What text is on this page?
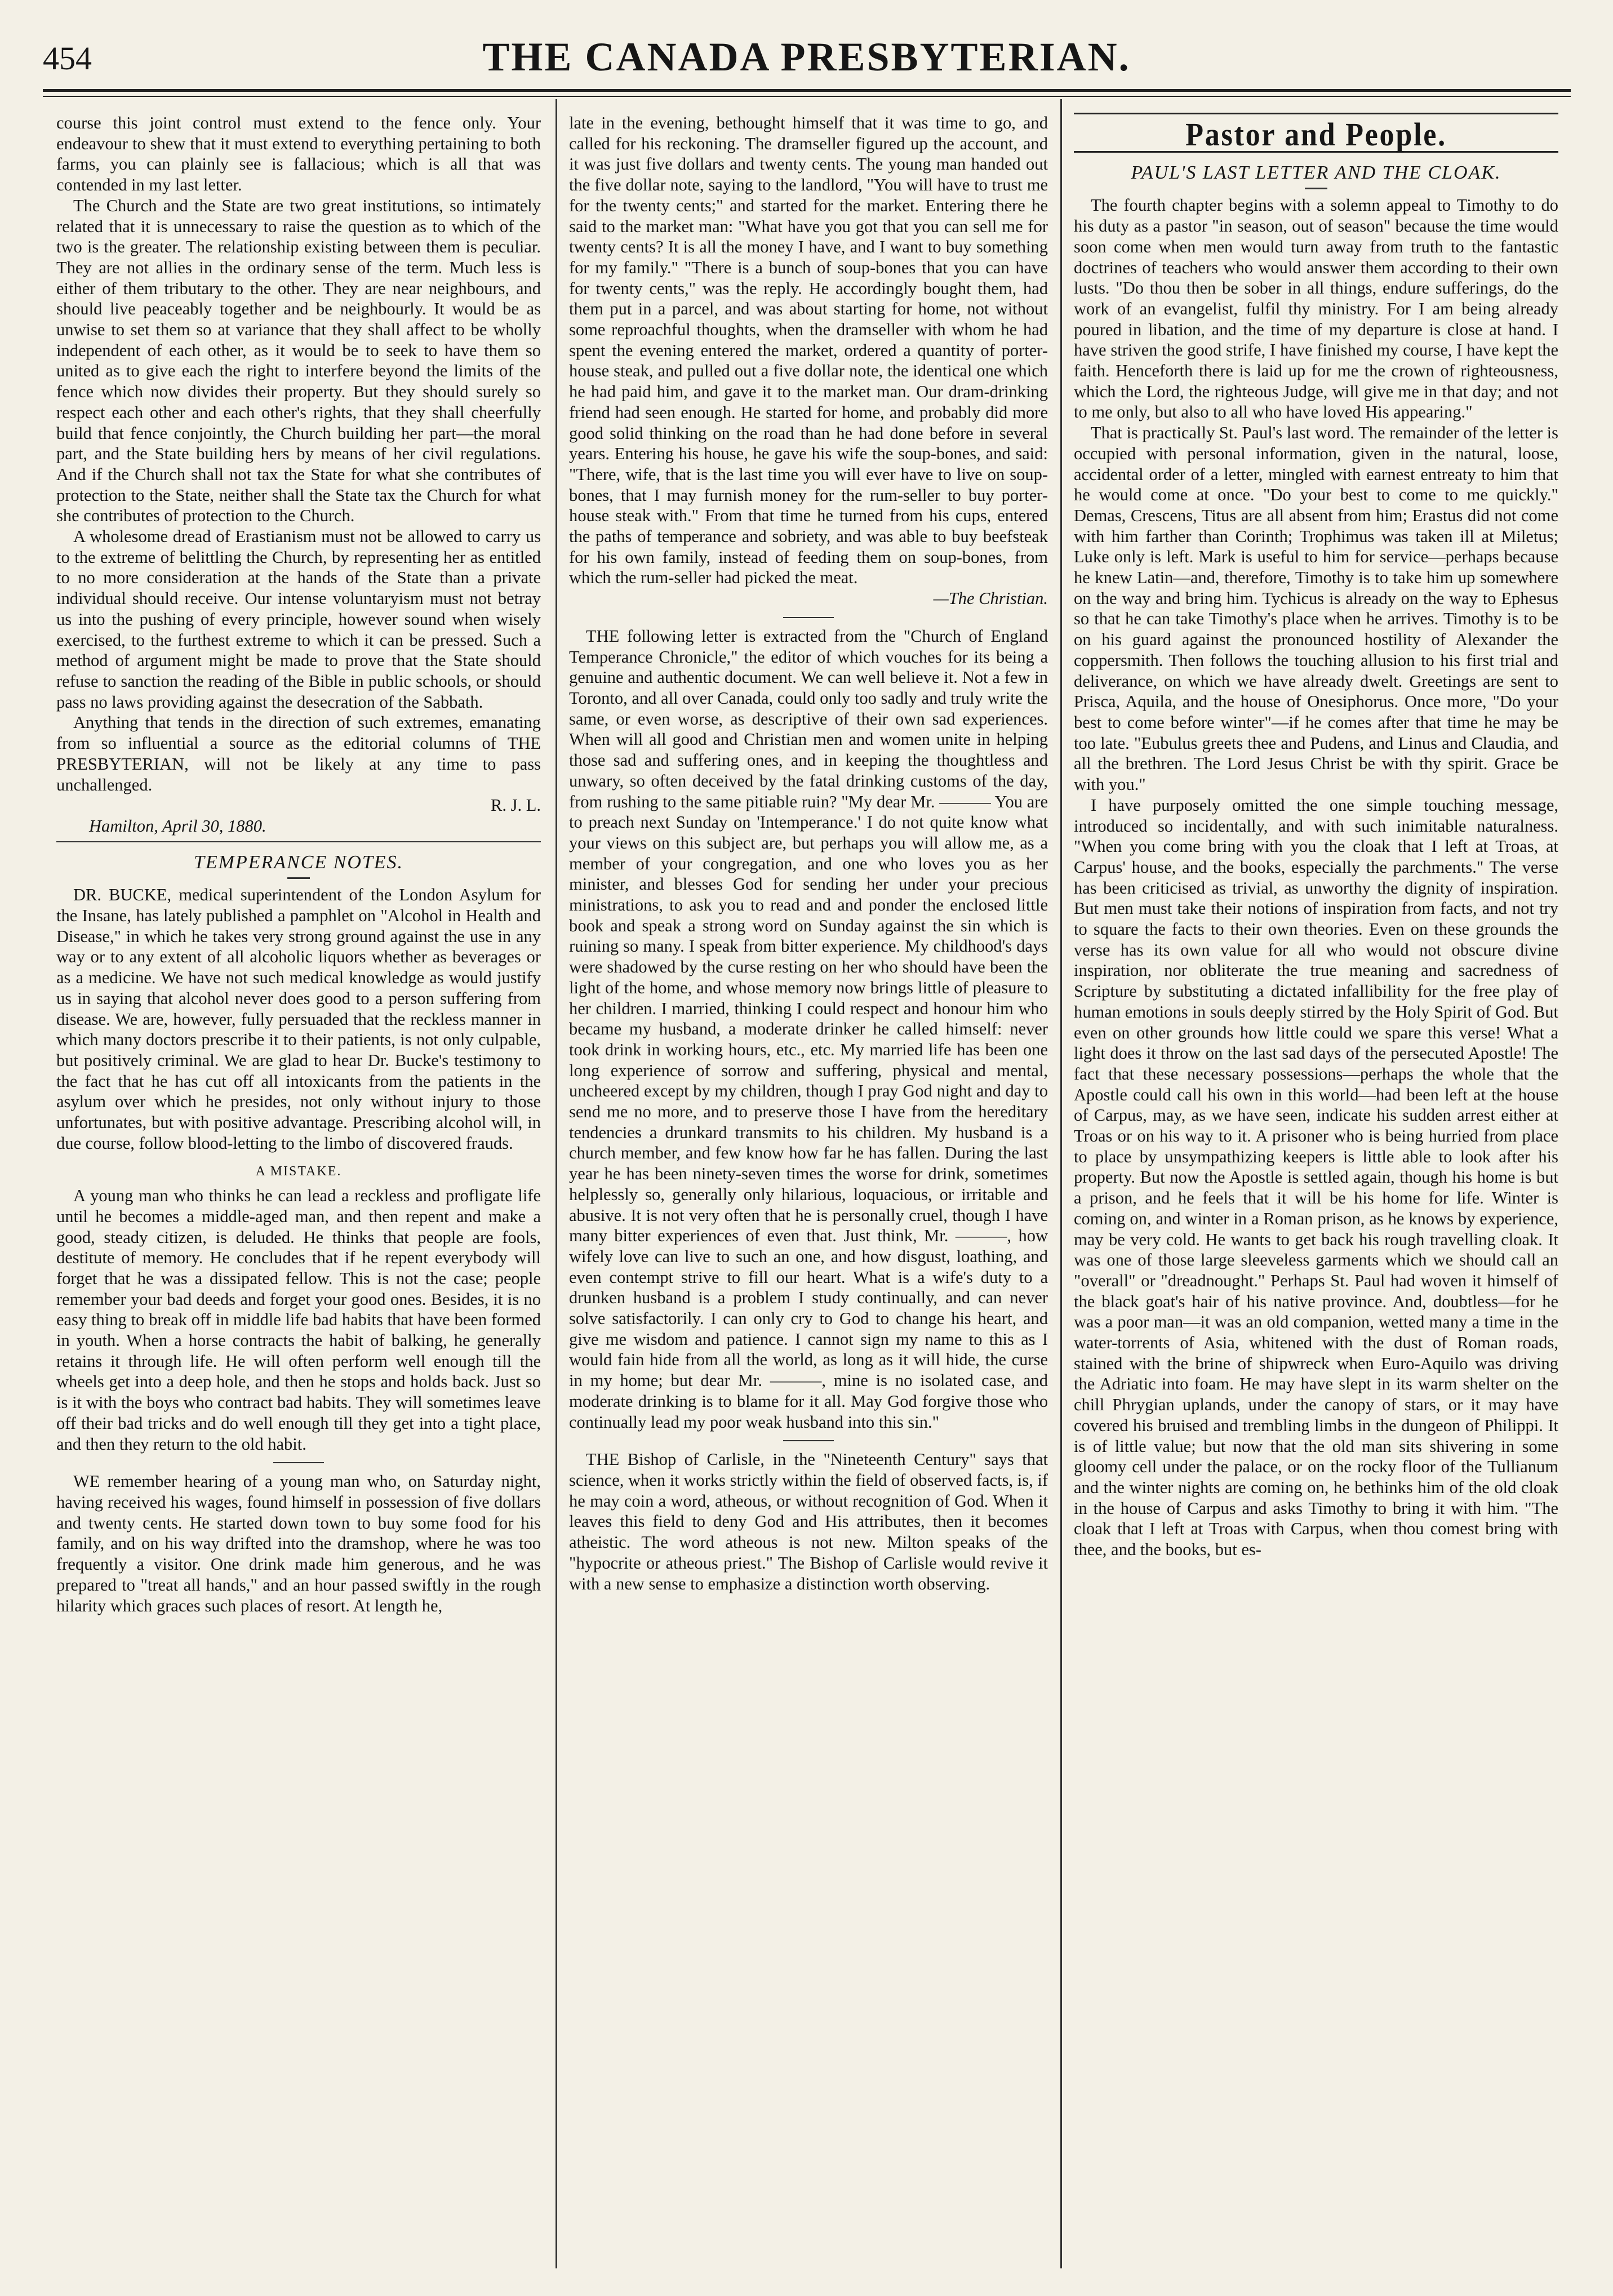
454	THE CANADA PRESBYTERIAN.

course this joint control must extend to the fence only. Your endeavour to shew that it must extend to everything pertaining to both farms, you can plainly see is fallacious; which is all that was contended in my last letter.

The Church and the State are two great institutions, so intimately related that it is unnecessary to raise the question as to which of the two is the greater. The relationship existing between them is peculiar. They are not allies in the ordinary sense of the term. Much less is either of them tributary to the other. They are near neighbours, and should live peaceably together and be neighbourly. It would be as unwise to set them so at variance that they shall affect to be wholly independent of each other, as it would be to seek to have them so united as to give each the right to interfere beyond the limits of the fence which now divides their property. But they should surely so respect each other and each other's rights, that they shall cheerfully build that fence conjointly, the Church building her part—the moral part, and the State building hers by means of her civil regulations. And if the Church shall not tax the State for what she contributes of protection to the State, neither shall the State tax the Church for what she contributes of protection to the Church.

A wholesome dread of Erastianism must not be allowed to carry us to the extreme of belittling the Church, by representing her as entitled to no more consideration at the hands of the State than a private individual should receive. Our intense voluntaryism must not betray us into the pushing of every principle, however sound when wisely exercised, to the furthest extreme to which it can be pressed. Such a method of argument might be made to prove that the State should refuse to sanction the reading of the Bible in public schools, or should pass no laws providing against the desecration of the Sabbath.

Anything that tends in the direction of such extremes, emanating from so influential a source as the editorial columns of THE PRESBYTERIAN, will not be likely at any time to pass unchallenged.

R. J. L.

Hamilton, April 30, 1880.

TEMPERANCE NOTES.

DR. BUCKE, medical superintendent of the London Asylum for the Insane, has lately published a pamphlet on "Alcohol in Health and Disease," in which he takes very strong ground against the use in any way or to any extent of all alcoholic liquors whether as beverages or as a medicine. We have not such medical knowledge as would justify us in saying that alcohol never does good to a person suffering from disease. We are, however, fully persuaded that the reckless manner in which many doctors prescribe it to their patients, is not only culpable, but positively criminal. We are glad to hear Dr. Bucke's testimony to the fact that he has cut off all intoxicants from the patients in the asylum over which he presides, not only without injury to those unfortunates, but with positive advantage. Prescribing alcohol will, in due course, follow blood-letting to the limbo of discovered frauds.

A MISTAKE.

A young man who thinks he can lead a reckless and profligate life until he becomes a middle-aged man, and then repent and make a good, steady citizen, is deluded. He thinks that people are fools, destitute of memory. He concludes that if he repent everybody will forget that he was a dissipated fellow. This is not the case; people remember your bad deeds and forget your good ones. Besides, it is no easy thing to break off in middle life bad habits that have been formed in youth. When a horse contracts the habit of balking, he generally retains it through life. He will often perform well enough till the wheels get into a deep hole, and then he stops and holds back. Just so is it with the boys who contract bad habits. They will sometimes leave off their bad tricks and do well enough till they get into a tight place, and then they return to the old habit.

WE remember hearing of a young man who, on Saturday night, having received his wages, found himself in possession of five dollars and twenty cents. He started down town to buy some food for his family, and on his way drifted into the dramshop, where he was too frequently a visitor. One drink made him generous, and he was prepared to "treat all hands," and an hour passed swiftly in the rough hilarity which graces such places of resort. At length he,

late in the evening, bethought himself that it was time to go, and called for his reckoning. The dramseller figured up the account, and it was just five dollars and twenty cents. The young man handed out the five dollar note, saying to the landlord, "You will have to trust me for the twenty cents;" and started for the market. Entering there he said to the market man: "What have you got that you can sell me for twenty cents? It is all the money I have, and I want to buy something for my family." "There is a bunch of soup-bones that you can have for twenty cents," was the reply. He accordingly bought them, had them put in a parcel, and was about starting for home, not without some reproachful thoughts, when the dramseller with whom he had spent the evening entered the market, ordered a quantity of porter-house steak, and pulled out a five dollar note, the identical one which he had paid him, and gave it to the market man. Our dram-drinking friend had seen enough. He started for home, and probably did more good solid thinking on the road than he had done before in several years. Entering his house, he gave his wife the soup-bones, and said: "There, wife, that is the last time you will ever have to live on soup-bones, that I may furnish money for the rum-seller to buy porter-house steak with." From that time he turned from his cups, entered the paths of temperance and sobriety, and was able to buy beefsteak for his own family, instead of feeding them on soup-bones, from which the rum-seller had picked the meat.

—The Christian.

THE following letter is extracted from the "Church of England Temperance Chronicle," the editor of which vouches for its being a genuine and authentic document. We can well believe it. Not a few in Toronto, and all over Canada, could only too sadly and truly write the same, or even worse, as descriptive of their own sad experiences. When will all good and Christian men and women unite in helping those sad and suffering ones, and in keeping the thoughtless and unwary, so often deceived by the fatal drinking customs of the day, from rushing to the same pitiable ruin? "My dear Mr. ——— You are to preach next Sunday on 'Intemperance.' I do not quite know what your views on this subject are, but perhaps you will allow me, as a member of your congregation, and one who loves you as her minister, and blesses God for sending her under your precious ministrations, to ask you to read and and ponder the enclosed little book and speak a strong word on Sunday against the sin which is ruining so many. I speak from bitter experience. My childhood's days were shadowed by the curse resting on her who should have been the light of the home, and whose memory now brings little of pleasure to her children. I married, thinking I could respect and honour him who became my husband, a moderate drinker he called himself: never took drink in working hours, etc., etc. My married life has been one long experience of sorrow and suffering, physical and mental, uncheered except by my children, though I pray God night and day to send me no more, and to preserve those I have from the hereditary tendencies a drunkard transmits to his children. My husband is a church member, and few know how far he has fallen. During the last year he has been ninety-seven times the worse for drink, sometimes helplessly so, generally only hilarious, loquacious, or irritable and abusive. It is not very often that he is personally cruel, though I have many bitter experiences of even that. Just think, Mr. ———, how wifely love can live to such an one, and how disgust, loathing, and even contempt strive to fill our heart. What is a wife's duty to a drunken husband is a problem I study continually, and can never solve satisfactorily. I can only cry to God to change his heart, and give me wisdom and patience. I cannot sign my name to this as I would fain hide from all the world, as long as it will hide, the curse in my home; but dear Mr. ———, mine is no isolated case, and moderate drinking is to blame for it all. May God forgive those who continually lead my poor weak husband into this sin."

THE Bishop of Carlisle, in the "Nineteenth Century" says that science, when it works strictly within the field of observed facts, is, if he may coin a word, atheous, or without recognition of God. When it leaves this field to deny God and His attributes, then it becomes atheistic. The word atheous is not new. Milton speaks of the "hypocrite or atheous priest." The Bishop of Carlisle would revive it with a new sense to emphasize a distinction worth observing.

Pastor and People.
PAUL'S LAST LETTER AND THE CLOAK.

The fourth chapter begins with a solemn appeal to Timothy to do his duty as a pastor "in season, out of season" because the time would soon come when men would turn away from truth to the fantastic doctrines of teachers who would answer them according to their own lusts. "Do thou then be sober in all things, endure sufferings, do the work of an evangelist, fulfil thy ministry. For I am being already poured in libation, and the time of my departure is close at hand. I have striven the good strife, I have finished my course, I have kept the faith. Henceforth there is laid up for me the crown of righteousness, which the Lord, the righteous Judge, will give me in that day; and not to me only, but also to all who have loved His appearing."

That is practically St. Paul's last word. The remainder of the letter is occupied with personal information, given in the natural, loose, accidental order of a letter, mingled with earnest entreaty to him that he would come at once. "Do your best to come to me quickly." Demas, Crescens, Titus are all absent from him; Erastus did not come with him farther than Corinth; Trophimus was taken ill at Miletus; Luke only is left. Mark is useful to him for service—perhaps because he knew Latin—and, therefore, Timothy is to take him up somewhere on the way and bring him. Tychicus is already on the way to Ephesus so that he can take Timothy's place when he arrives. Timothy is to be on his guard against the pronounced hostility of Alexander the coppersmith. Then follows the touching allusion to his first trial and deliverance, on which we have already dwelt. Greetings are sent to Prisca, Aquila, and the house of Onesiphorus. Once more, "Do your best to come before winter"—if he comes after that time he may be too late. "Eubulus greets thee and Pudens, and Linus and Claudia, and all the brethren. The Lord Jesus Christ be with thy spirit. Grace be with you."

I have purposely omitted the one simple touching message, introduced so incidentally, and with such inimitable naturalness. "When you come bring with you the cloak that I left at Troas, at Carpus' house, and the books, especially the parchments." The verse has been criticised as trivial, as unworthy the dignity of inspiration. But men must take their notions of inspiration from facts, and not try to square the facts to their own theories. Even on these grounds the verse has its own value for all who would not obscure divine inspiration, nor obliterate the true meaning and sacredness of Scripture by substituting a dictated infallibility for the free play of human emotions in souls deeply stirred by the Holy Spirit of God. But even on other grounds how little could we spare this verse! What a light does it throw on the last sad days of the persecuted Apostle! The fact that these necessary possessions—perhaps the whole that the Apostle could call his own in this world—had been left at the house of Carpus, may, as we have seen, indicate his sudden arrest either at Troas or on his way to it. A prisoner who is being hurried from place to place by unsympathizing keepers is little able to look after his property. But now the Apostle is settled again, though his home is but a prison, and he feels that it will be his home for life. Winter is coming on, and winter in a Roman prison, as he knows by experience, may be very cold. He wants to get back his rough travelling cloak. It was one of those large sleeveless garments which we should call an "overall" or "dreadnought." Perhaps St. Paul had woven it himself of the black goat's hair of his native province. And, doubtless—for he was a poor man—it was an old companion, wetted many a time in the water-torrents of Asia, whitened with the dust of Roman roads, stained with the brine of shipwreck when Euro-Aquilo was driving the Adriatic into foam. He may have slept in its warm shelter on the chill Phrygian uplands, under the canopy of stars, or it may have covered his bruised and trembling limbs in the dungeon of Philippi. It is of little value; but now that the old man sits shivering in some gloomy cell under the palace, or on the rocky floor of the Tullianum and the winter nights are coming on, he bethinks him of the old cloak in the house of Carpus and asks Timothy to bring it with him. "The cloak that I left at Troas with Carpus, when thou comest bring with thee, and the books, but es-
